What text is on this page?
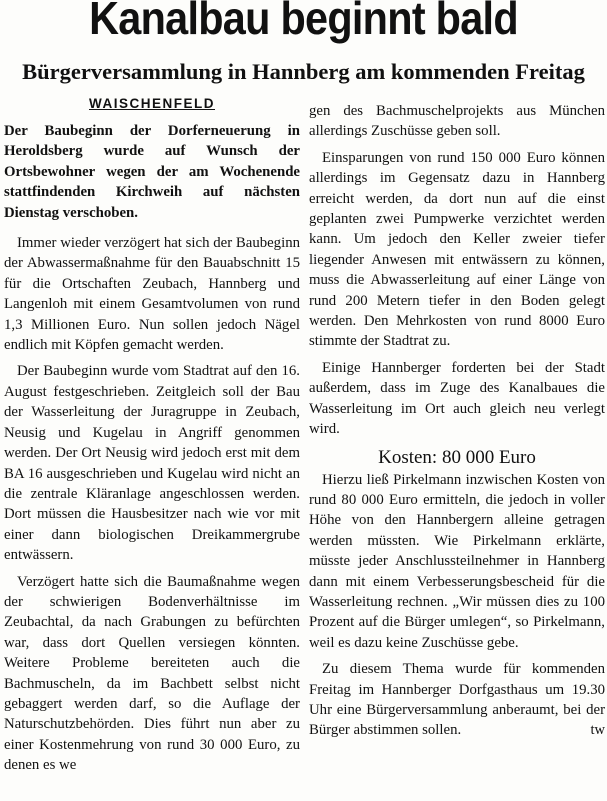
Kanalbau beginnt bald
Bürgerversammlung in Hannberg am kommenden Freitag
WAISCHENFELD

Der Baubeginn der Dorferneuerung in Heroldsberg wurde auf Wunsch der Ortsbewohner wegen der am Wochenende stattfindenden Kirchweih auf nächsten Dienstag verschoben.

Immer wieder verzögert hat sich der Baubeginn der Abwassermaßnahme für den Bauabschnitt 15 für die Ortschaften Zeubach, Hannberg und Langenloh mit einem Gesamtvolumen von rund 1,3 Millionen Euro. Nun sollen jedoch Nägel endlich mit Köpfen gemacht werden.

Der Baubeginn wurde vom Stadtrat auf den 16. August festgeschrieben. Zeitgleich soll der Bau der Wasserleitung der Juragruppe in Zeubach, Neusig und Kugelau in Angriff genommen werden. Der Ort Neusig wird jedoch erst mit dem BA 16 ausgeschrieben und Kugelau wird nicht an die zentrale Kläranlage angeschlossen werden. Dort müssen die Hausbesitzer nach wie vor mit einer dann biologischen Dreikammergrube entwässern.

Verzögert hatte sich die Baumaßnahme wegen der schwierigen Bodenverhältnisse im Zeubachtal, da nach Grabungen zu befürchten war, dass dort Quellen versiegen könnten. Weitere Probleme bereiteten auch die Bachmuscheln, da im Bachbett selbst nicht gebaggert werden darf, so die Auflage der Naturschutzbehörden. Dies führt nun aber zu einer Kostenmehrung von rund 30 000 Euro, zu denen es we

gen des Bachmuschelprojekts aus München allerdings Zuschüsse geben soll.

Einsparungen von rund 150 000 Euro können allerdings im Gegensatz dazu in Hannberg erreicht werden, da dort nun auf die einst geplanten zwei Pumpwerke verzichtet werden kann. Um jedoch den Keller zweier tiefer liegender Anwesen mit entwässern zu können, muss die Abwasserleitung auf einer Länge von rund 200 Metern tiefer in den Boden gelegt werden. Den Mehrkosten von rund 8000 Euro stimmte der Stadtrat zu.

Einige Hannberger forderten bei der Stadt außerdem, dass im Zuge des Kanalbaues die Wasserleitung im Ort auch gleich neu verlegt wird.

Kosten: 80 000 Euro

Hierzu ließ Pirkelmann inzwischen Kosten von rund 80 000 Euro ermitteln, die jedoch in voller Höhe von den Hannbergern alleine getragen werden müssten. Wie Pirkelmann erklärte, müsste jeder Anschlussteilnehmer in Hannberg dann mit einem Verbesserungsbescheid für die Wasserleitung rechnen. „Wir müssen dies zu 100 Prozent auf die Bürger umlegen“, so Pirkelmann, weil es dazu keine Zuschüsse gebe.

Zu diesem Thema wurde für kommenden Freitag im Hannberger Dorfgasthaus um 19.30 Uhr eine Bürgerversammlung anberaumt, bei der Bürger abstimmen sollen.	tw
